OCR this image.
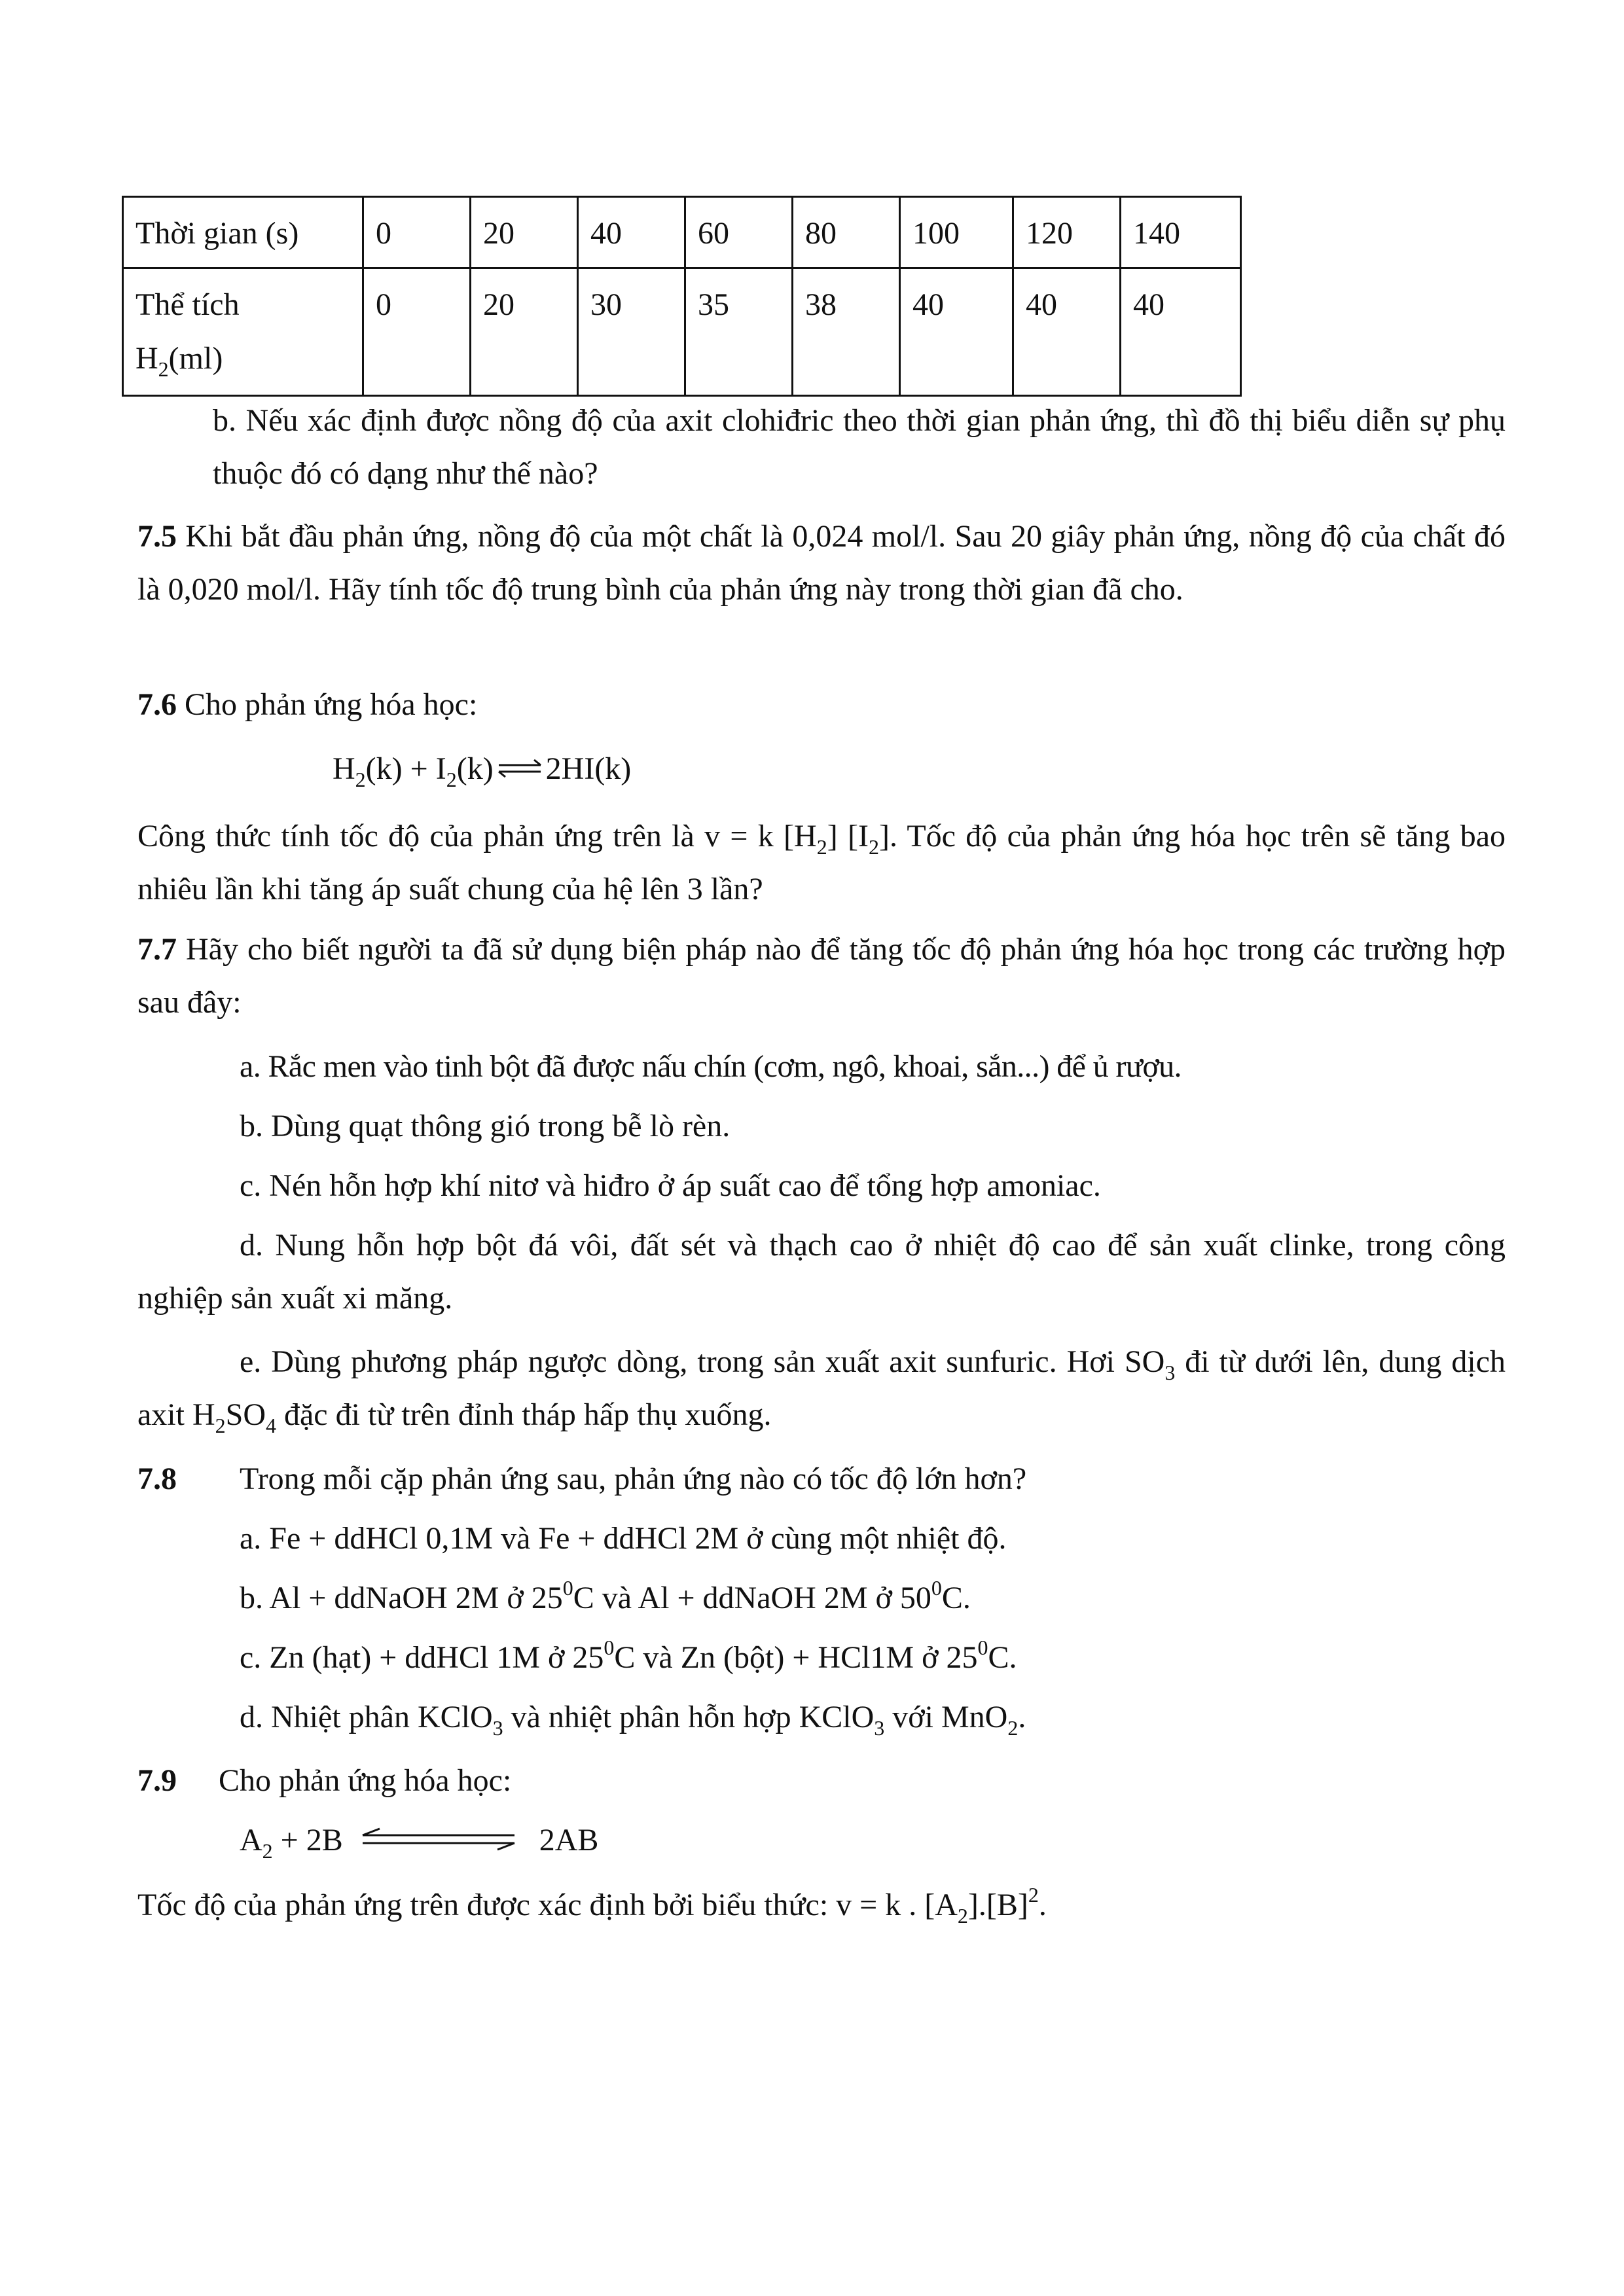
Thời gian (s)	0	20	40	60	80	100	120	140
Thể tích
$H_2(ml)$	0	20	30	35	38	40	40	40

b. Nếu xác định được nồng độ của axit clohiđric theo thời gian phản ứng, thì đồ thị biểu diễn sự phụ thuộc đó có dạng như thế nào?

7.5 Khi bắt đầu phản ứng, nồng độ của một chất là 0,024 mol/l. Sau 20 giây phản ứng, nồng độ của chất đó là 0,020 mol/l. Hãy tính tốc độ trung bình của phản ứng này trong thời gian đã cho.

7.6 Cho phản ứng hóa học:

$H_2(k)$ + $I_2(k)\rightleftharpoons 2HI(k)$

Công thức tính tốc độ của phản ứng trên là v = k $[H_2]$ $[I_2]$. Tốc độ của phản ứng hóa học trên sẽ tăng bao nhiêu lần khi tăng áp suất chung của hệ lên 3 lần?

7.7 Hãy cho biết người ta đã sử dụng biện pháp nào để tăng tốc độ phản ứng hóa học trong các trường hợp sau đây:

a. Rắc men vào tinh bột đã được nấu chín (cơm, ngô, khoai, sắn...) để ủ rượu.

b. Dùng quạt thông gió trong bễ lò rèn.

c. Nén hỗn hợp khí nitơ và hiđro ở áp suất cao để tổng hợp amoniac.

d. Nung hỗn hợp bột đá vôi, đất sét và thạch cao ở nhiệt độ cao để sản xuất clinke, trong công nghiệp sản xuất xi măng.

e. Dùng phương pháp ngược dòng, trong sản xuất axit sunfuric. Hơi $SO_3$ đi từ dưới lên, dung dịch axit $H_2SO_4$ đặc đi từ trên đỉnh tháp hấp thụ xuống.

7.8 Trong mỗi cặp phản ứng sau, phản ứng nào có tốc độ lớn hơn?

a. Fe + ddHCl 0,1M và Fe + ddHCl 2M ở cùng một nhiệt độ.

b. Al + ddNaOH 2M ở $25^0C$ và Al + ddNaOH 2M ở $50^0C$.

c. Zn (hạt) + ddHCl 1M ở $25^0C$ và Zn (bột) + HCl1M ở $25^0C$.

d. Nhiệt phân KClO$_3$ và nhiệt phân hỗn hợp KClO$_3$ với MnO$_2$.

7.9 Cho phản ứng hóa học:

$A_2 + 2B$	2AB

Tốc độ của phản ứng trên được xác định bởi biểu thức: v = k . $[A_2].[B]^2$.
